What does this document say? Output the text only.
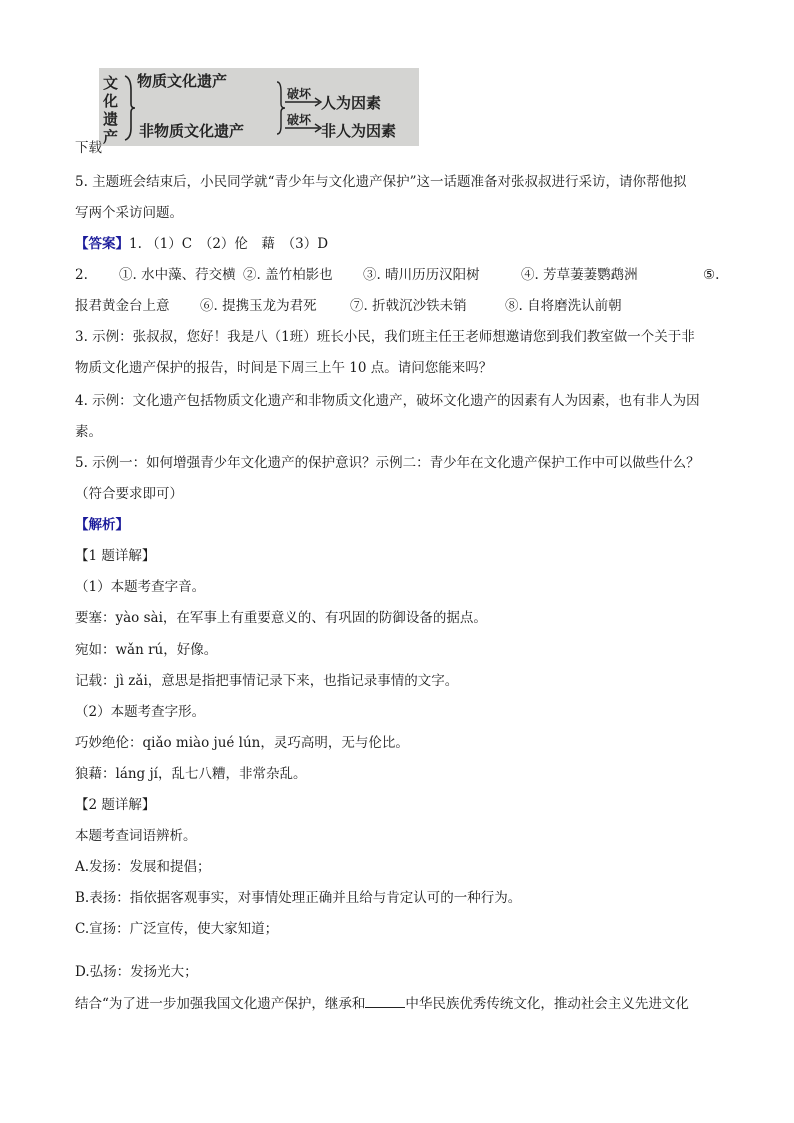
文
化
遗
产
物质文化遗产
非物质文化遗产
破坏 人为因素
破坏
非人为因素
下载
5. 主题班会结束后，小民同学就“青少年与文化遗产保护”这一话题准备对张叔叔进行采访，请你帮他拟
写两个采访问题。
【答案】1. （1）C　（2）伦　藉　（3）D
2. ①. 水中藻、荇交横 ②. 盖竹柏影也 ③. 晴川历历汉阳树	④. 芳草萋萋鹦鹉洲	⑤.
报君黄金台上意 ⑥. 提携玉龙为君死 ⑦. 折戟沉沙铁未销	⑧. 自将磨洗认前朝
3. 示例：张叔叔，您好！我是八（1班）班长小民，我们班主任王老师想邀请您到我们教室做一个关于非
物质文化遗产保护的报告，时间是下周三上午 10 点。请问您能来吗？
4. 示例：文化遗产包括物质文化遗产和非物质文化遗产，破坏文化遗产的因素有人为因素，也有非人为因
素。
5. 示例一：如何增强青少年文化遗产的保护意识？示例二：青少年在文化遗产保护工作中可以做些什么？
（符合要求即可）
【解析】
【1 题详解】
（1）本题考查字音。
要塞：yào sài，在军事上有重要意义的、有巩固的防御设备的据点。
宛如：wǎn rú，好像。
记载：jì zǎi，意思是指把事情记录下来，也指记录事情的文字。
（2）本题考查字形。
巧妙绝伦：qiǎo miào jué lún，灵巧高明，无与伦比。
狼藉：láng jí，乱七八糟，非常杂乱。
【2 题详解】
本题考查词语辨析。
A.发扬：发展和提倡；
B.表扬：指依据客观事实，对事情处理正确并且给与肯定认可的一种行为。
C.宣扬：广泛宣传，使大家知道；
D.弘扬：发扬光大；
结合“为了进一步加强我国文化遗产保护，继承和	中华民族优秀传统文化，推动社会主义先进文化
